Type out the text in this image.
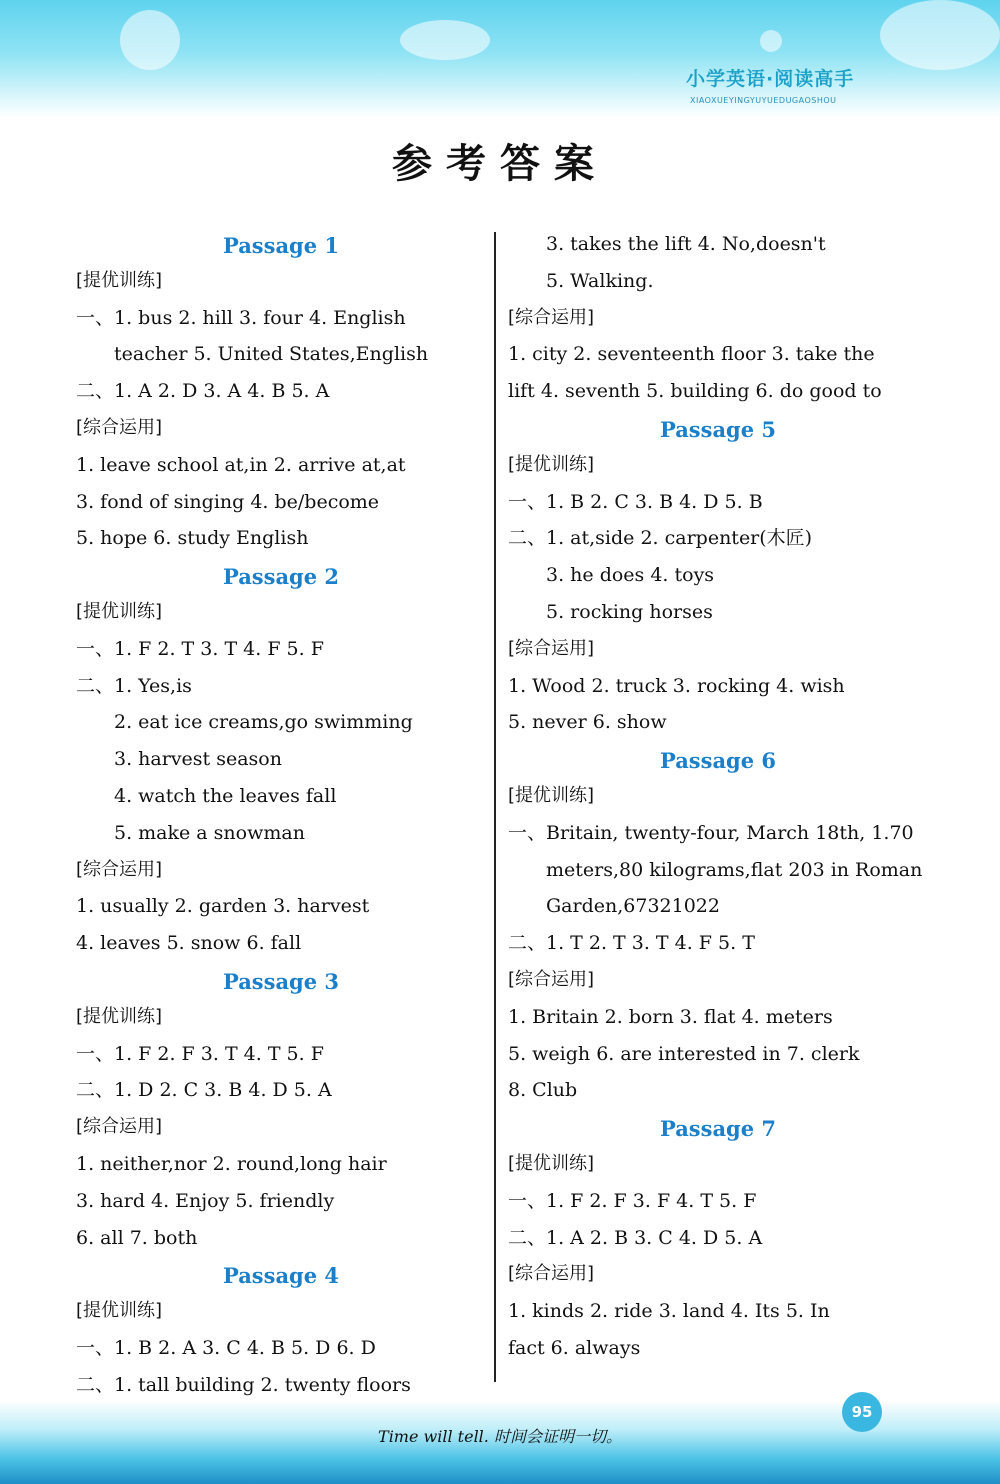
小学英语·阅读高手
XIAOXUEYINGYUYUEDUGAOSHOU
参考答案
Passage 1
[提优训练]
一、1. bus 2. hill 3. four 4. English
teacher 5. United States,English
二、1. A 2. D 3. A 4. B 5. A
[综合运用]
1. leave school at,in 2. arrive at,at
3. fond of singing 4. be/become
5. hope 6. study English
Passage 2
[提优训练]
一、1. F 2. T 3. T 4. F 5. F
二、1. Yes,is
2. eat ice creams,go swimming
3. harvest season
4. watch the leaves fall
5. make a snowman
[综合运用]
1. usually 2. garden 3. harvest
4. leaves 5. snow 6. fall
Passage 3
[提优训练]
一、1. F 2. F 3. T 4. T 5. F
二、1. D 2. C 3. B 4. D 5. A
[综合运用]
1. neither,nor 2. round,long hair
3. hard 4. Enjoy 5. friendly
6. all 7. both
Passage 4
[提优训练]
一、1. B 2. A 3. C 4. B 5. D 6. D
二、1. tall building 2. twenty floors
3. takes the lift 4. No,doesn't
5. Walking.
[综合运用]
1. city 2. seventeenth floor 3. take the
lift 4. seventh 5. building 6. do good to
Passage 5
[提优训练]
一、1. B 2. C 3. B 4. D 5. B
二、1. at,side 2. carpenter(木匠)
3. he does 4. toys
5. rocking horses
[综合运用]
1. Wood 2. truck 3. rocking 4. wish
5. never 6. show
Passage 6
[提优训练]
一、Britain, twenty-four, March 18th, 1.70
meters,80 kilograms,flat 203 in Roman
Garden,67321022
二、1. T 2. T 3. T 4. F 5. T
[综合运用]
1. Britain 2. born 3. flat 4. meters
5. weigh 6. are interested in 7. clerk
8. Club
Passage 7
[提优训练]
一、1. F 2. F 3. F 4. T 5. F
二、1. A 2. B 3. C 4. D 5. A
[综合运用]
1. kinds 2. ride 3. land 4. Its 5. In
fact 6. always
Time will tell. 时间会证明一切。
95
